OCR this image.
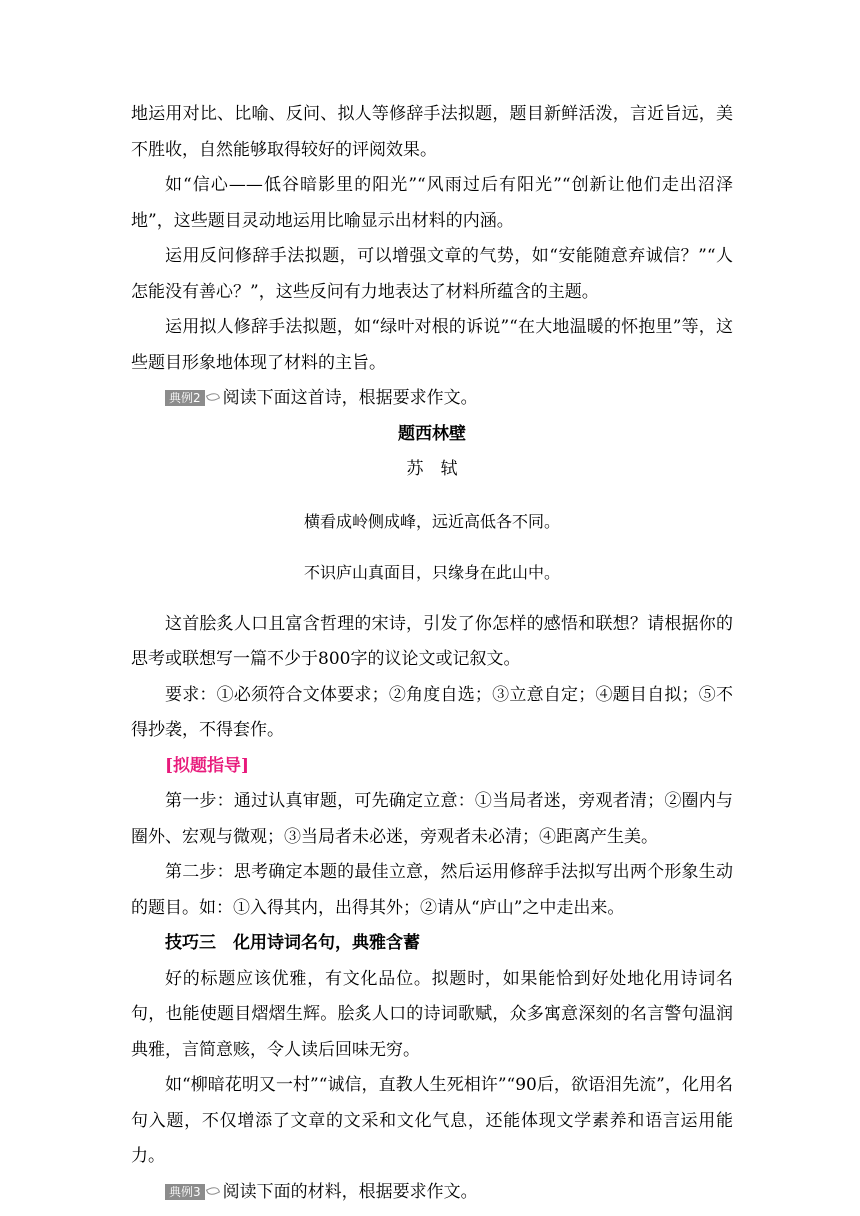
地运用对比、比喻、反问、拟人等修辞手法拟题，题目新鲜活泼，言近旨远，美不胜收，自然能够取得较好的评阅效果。

如“信心——低谷暗影里的阳光”“风雨过后有阳光”“创新让他们走出沼泽地”，这些题目灵动地运用比喻显示出材料的内涵。

运用反问修辞手法拟题，可以增强文章的气势，如“安能随意弃诚信？”“人怎能没有善心？”，这些反问有力地表达了材料所蕴含的主题。

运用拟人修辞手法拟题，如“绿叶对根的诉说”“在大地温暖的怀抱里”等，这些题目形象地体现了材料的主旨。

典例2 阅读下面这首诗，根据要求作文。

题西林壁

苏　轼

横看成岭侧成峰，远近高低各不同。

不识庐山真面目，只缘身在此山中。

这首脍炙人口且富含哲理的宋诗，引发了你怎样的感悟和联想？请根据你的思考或联想写一篇不少于800字的议论文或记叙文。

要求：①必须符合文体要求；②角度自选；③立意自定；④题目自拟；⑤不得抄袭，不得套作。

[拟题指导]

第一步：通过认真审题，可先确定立意：①当局者迷，旁观者清；②圈内与圈外、宏观与微观；③当局者未必迷，旁观者未必清；④距离产生美。

第二步：思考确定本题的最佳立意，然后运用修辞手法拟写出两个形象生动的题目。如：①入得其内，出得其外；②请从“庐山”之中走出来。

技巧三　化用诗词名句，典雅含蓄

好的标题应该优雅，有文化品位。拟题时，如果能恰到好处地化用诗词名句，也能使题目熠熠生辉。脍炙人口的诗词歌赋，众多寓意深刻的名言警句温润典雅，言简意赅，令人读后回味无穷。

如“柳暗花明又一村”“诚信，直教人生死相许”“90后，欲语泪先流”，化用名句入题，不仅增添了文章的文采和文化气息，还能体现文学素养和语言运用能力。

典例3 阅读下面的材料，根据要求作文。
